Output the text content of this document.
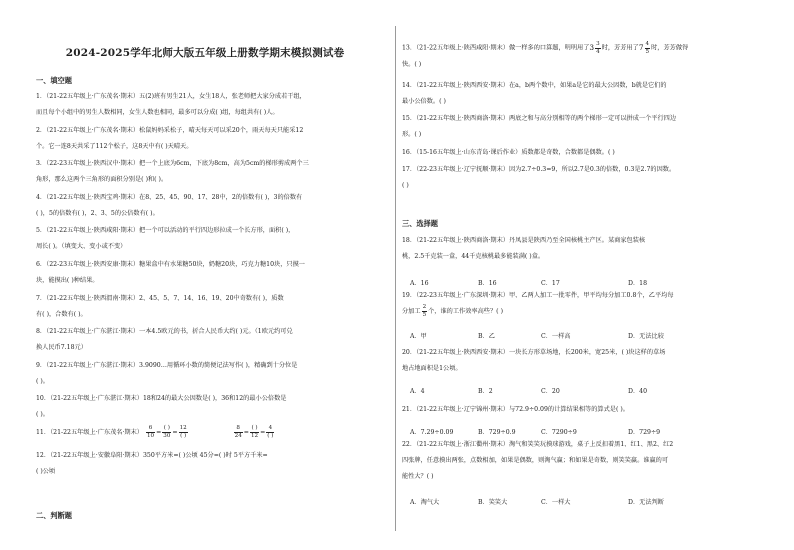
2024-2025学年北师大版五年级上册数学期末模拟测试卷
一、填空题
1．（21-22五年级上·广东茂名·期末）五(2)班有男生21人，女生18人，张老师把大家分成若干组，
而且每个小组中的男生人数相同，女生人数也相同，最多可以分成( )组，每组共有( )人。
2．（21-22五年级上·广东茂名·期末）松鼠妈妈采松子，晴天每天可以采20个，雨天每天只能采12
个。它一连8天共采了112个松子，这8天中有( )天晴天。
3．（22-23五年级上·陕西汉中·期末）把一个上底为6cm，下底为8cm，高为5cm的梯形剪成两个三
角形，那么这两个三角形的面积分别是( )和( )。
4．（21-22五年级上·陕西宝鸡·期末）在8、25、45、90、17、28中，2的倍数有( )，3的倍数有
( )，5的倍数有( )，2、3、5的公倍数有( )。
5．（21-22五年级上·陕西咸阳·期末）把一个可以活动的平行四边形拉成一个长方形，面积( )，
周长( )。（填变大、变小或不变）
6．（22-23五年级上·陕西安康·期末）糖果盒中有水果糖50块，奶糖20块，巧克力糖10块，只摸一
块，能摸出( )种结果。
7．（21-22五年级上·陕西渭南·期末）2、45、5、7、14、16、19、20中奇数有( )，质数
有( )，合数有( )。
8．（21-22五年级上·广东湛江·期末）一本4.5欧元的书，折合人民币大约( )元。（1欧元约可兑
换人民币7.18元）
9．（21-22五年级上·广东湛江·期末）3.9090…用循环小数的简便记法写作( )，精确到十分位是
( )。
10．（21-22五年级上·广东湛江·期末）18和24的最大公因数是( )，36和12的最小公倍数是
( )。
11．（21-22五年级上·广东茂名·期末） $\frac{6}{10} = \frac{( )}{30} = \frac{12}{( )}$
	$\frac{8}{24} = \frac{( )}{12} = \frac{4}{( )}$
12．（21-22五年级上·安徽阜阳·期末）350平方米=( )公顷 45分=( )时 5平方千米=
( )公顷
二、判断题
13．（21-22五年级上·陕西咸阳·期末）做一样多的口算题，明明用了$3 \frac{3}{4}$ 时，芳芳用了$7 \frac{4}{5}$ 时，芳芳做得
快。( )
14．（21-22五年级上·陕西西安·期末）在a，b两个数中，如果a是它的最大公因数，b就是它们的
最小公倍数。( )
15．（21-22五年级上·陕西商洛·期末）两底之和与高分别相等的两个梯形一定可以拼成一个平行四边
形。( )
16．（15-16五年级上·山东青岛·课后作业）质数都是奇数，合数都是偶数。( )
17．（22-23五年级上·辽宁抚顺·期末）因为2.7÷0.3=9，所以2.7是0.3的倍数，0.3是2.7的因数。
( )
三、选择题
18．（21-22五年级上·陕西商洛·期末）丹凤县是陕西乃至全国核桃主产区。某商家包装核
桃，2.5千克装一盒，44千克核桃最多能装满( )盒。
A．16	B．16	C．17	D．18
19．（22-23五年级上·广东深圳·期末）甲、乙两人加工一批零件，甲平均每分加工0.8个，乙平均每
分加工 $\frac{2}{5}$ 个，谁的工作效率高些？( )
A．甲	B．乙	C．一样高	D．无法比较
20．（21-22五年级上·陕西西安·期末）一块长方形草场地，长200米，宽25米，( )块这样的草场
地占地面积是1公顷。
A．4	B．2	C．20	D．40
21．（21-22五年级上·辽宁锦州·期末）与72.9÷0.09的计算结果相等的算式是( )。
A．7.29÷0.09	B．729÷0.9	C．7290÷9	D．729÷9
22．（21-22五年级上·浙江衢州·期末）淘气和笑笑玩摸球游戏，桌子上反扣着黑1、红1、黑2、红2
四张牌，任意摸出两张，点数相加，如果是偶数，则淘气赢；和如果是奇数，则笑笑赢。谁赢的可
能性大？( )
A．淘气大	B．笑笑大	C．一样大	D．无法判断
